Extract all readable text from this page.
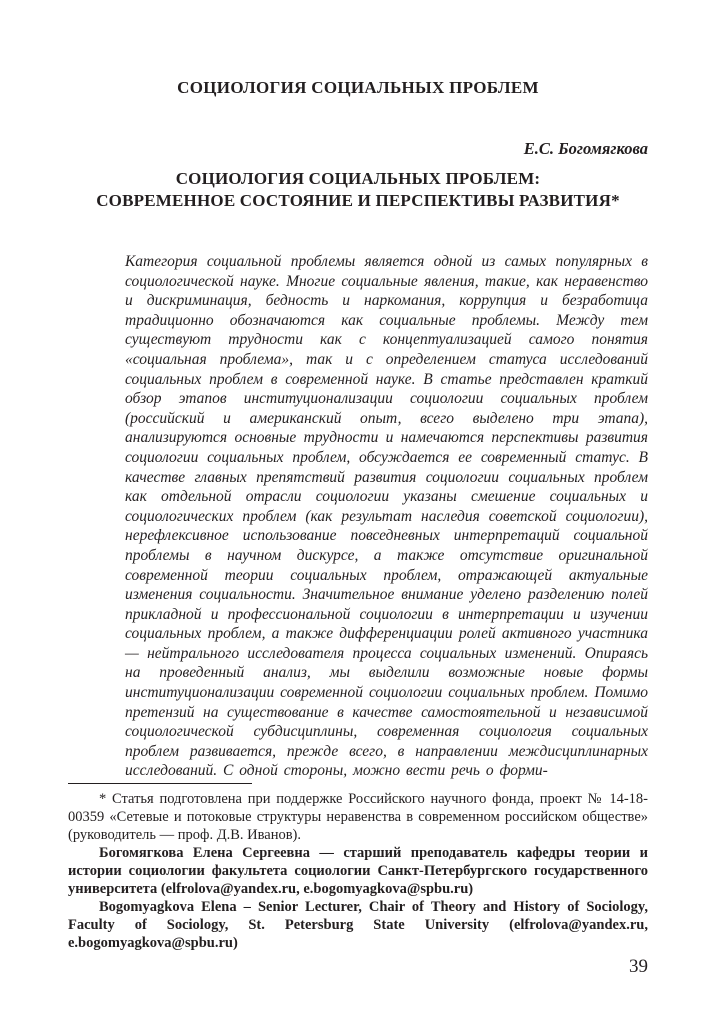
СОЦИОЛОГИЯ СОЦИАЛЬНЫХ ПРОБЛЕМ
Е.С. Богомягкова
СОЦИОЛОГИЯ СОЦИАЛЬНЫХ ПРОБЛЕМ:
СОВРЕМЕННОЕ СОСТОЯНИЕ И ПЕРСПЕКТИВЫ РАЗВИТИЯ*

Категория социальной проблемы является одной из самых популярных в социологической науке. Многие социальные явления, такие, как неравенство и дискриминация, бедность и наркомания, коррупция и безработица традиционно обозначаются как социальные проблемы. Между тем существуют трудности как с концептуализацией самого понятия «социальная проблема», так и с определением статуса исследований социальных проблем в современной науке. В статье представлен краткий обзор этапов институционализации социологии социальных проблем (российский и американский опыт, всего выделено три этапа), анализируются основные трудности и намечаются перспективы развития социологии социальных проблем, обсуждается ее современный статус. В качестве главных препятствий развития социологии социальных проблем как отдельной отрасли социологии указаны смешение социальных и социологических проблем (как результат наследия советской социологии), нерефлексивное использование повседневных интерпретаций социальной проблемы в научном дискурсе, а также отсутствие оригинальной современной теории социальных проблем, отражающей актуальные изменения социальности. Значительное внимание уделено разделению полей прикладной и профессиональной социологии в интерпретации и изучении социальных проблем, а также дифференциации ролей активного участника — нейтрального исследователя процесса социальных изменений. Опираясь на проведенный анализ, мы выделили возможные новые формы институционализации современной социологии социальных проблем. Помимо претензий на существование в качестве самостоятельной и независимой социологической субдисциплины, современная социология социальных проблем развивается, прежде всего, в направлении междисциплинарных исследований. С одной стороны, можно вести речь о форми-

* Статья подготовлена при поддержке Российского научного фонда, проект № 14-18-00359 «Сетевые и потоковые структуры неравенства в современном российском обществе» (руководитель — проф. Д.В. Иванов).

Богомягкова Елена Сергеевна — старший преподаватель кафедры теории и истории социологии факультета социологии Санкт-Петербургского государственного университета (elfrolova@yandex.ru, e.bogomyagkova@spbu.ru)

Bogomyagkova Elena – Senior Lecturer, Chair of Theory and History of Sociology, Faculty of Sociology, St. Petersburg State University (elfrolova@yandex.ru, e.bogomyagkova@spbu.ru)

39
